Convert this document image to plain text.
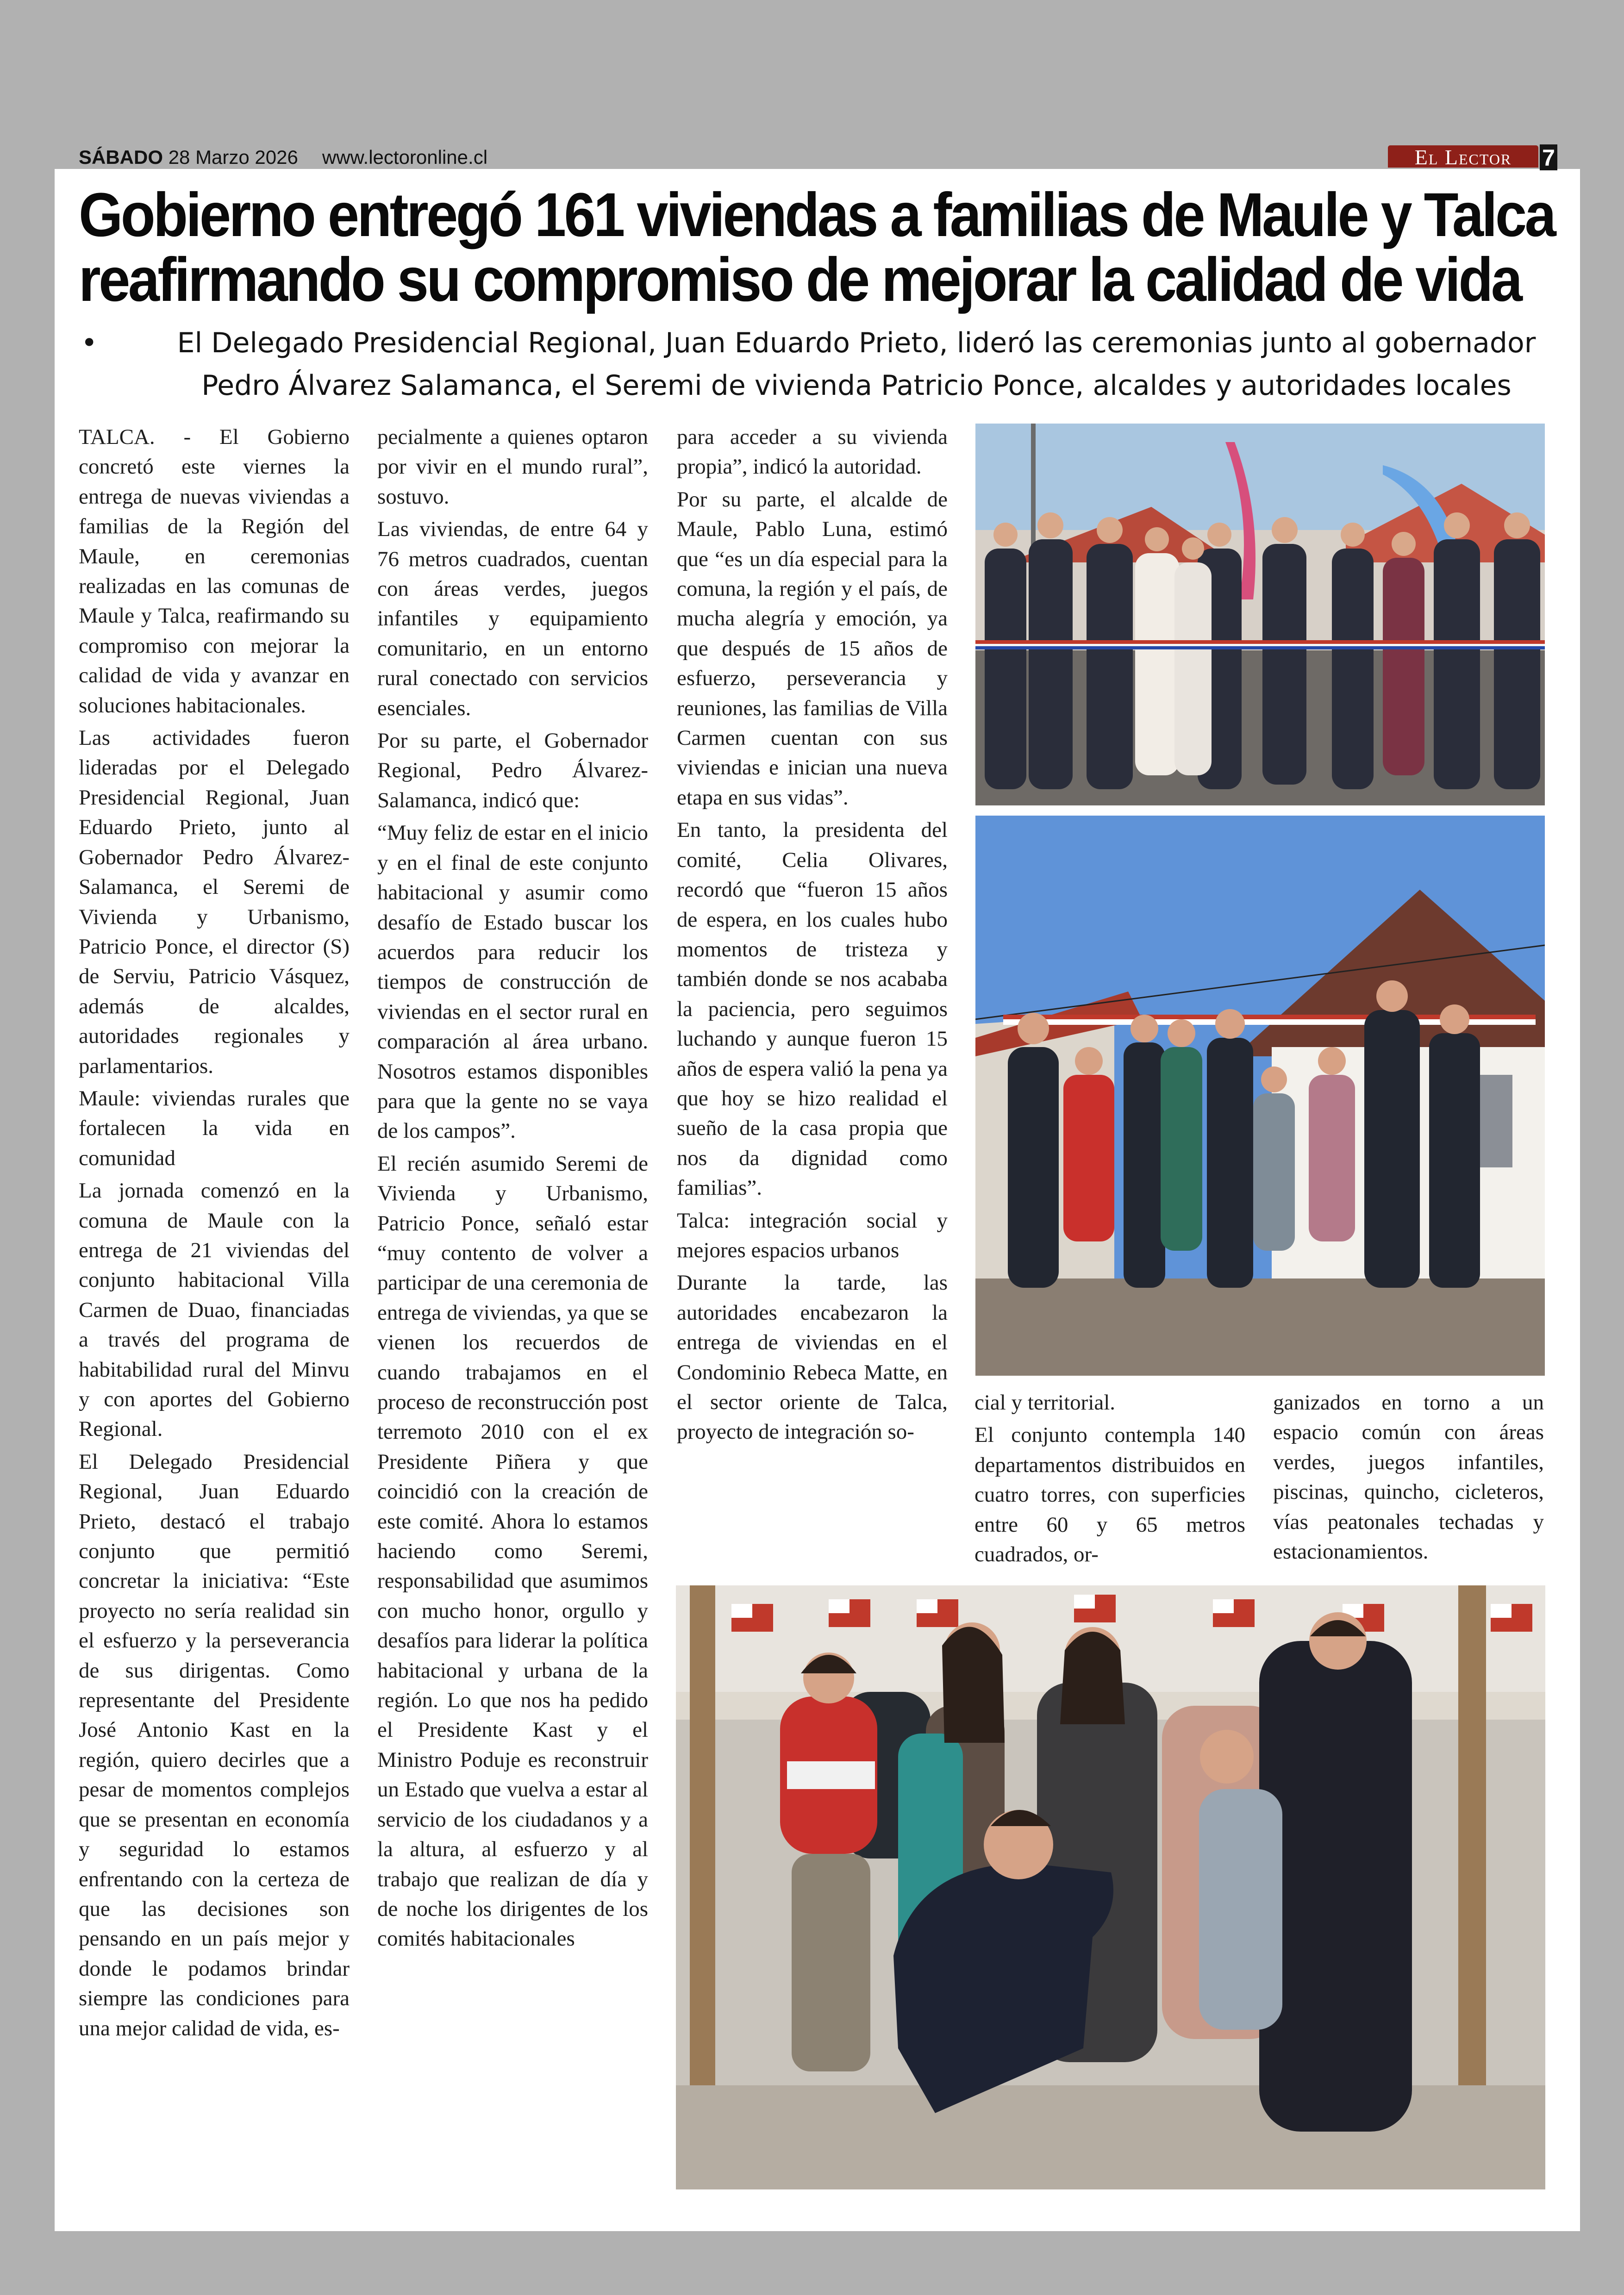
SÁBADO 28 Marzo 2026 www.lectoronline.cl	El Lector	7
Gobierno entregó 161 viviendas a familias de Maule y Talca
reafirmando su compromiso de mejorar la calidad de vida
•	El Delegado Presidencial Regional, Juan Eduardo Prieto, lideró las ceremonias junto al gobernador Pedro Álvarez Salamanca, el Seremi de vivienda Patricio Ponce, alcaldes y autoridades locales

TALCA. - El Gobierno concretó este viernes la entrega de nuevas viviendas a familias de la Región del Maule, en ceremonias realizadas en las comunas de Maule y Talca, reafirmando su compromiso con mejorar la calidad de vida y avanzar en soluciones habitacionales.

Las actividades fueron lideradas por el Delegado Presidencial Regional, Juan Eduardo Prieto, junto al Gobernador Pedro Álvarez-Salamanca, el Seremi de Vivienda y Urbanismo, Patricio Ponce, el director (S) de Serviu, Patricio Vásquez, además de alcaldes, autoridades regionales y parlamentarios.

Maule: viviendas rurales que fortalecen la vida en comunidad

La jornada comenzó en la comuna de Maule con la entrega de 21 viviendas del conjunto habitacional Villa Carmen de Duao, financiadas a través del programa de habitabilidad rural del Minvu y con aportes del Gobierno Regional.

El Delegado Presidencial Regional, Juan Eduardo Prieto, destacó el trabajo conjunto que permitió concretar la iniciativa: “Este proyecto no sería realidad sin el esfuerzo y la perseverancia de sus dirigentas. Como representante del Presidente José Antonio Kast en la región, quiero decirles que a pesar de momentos complejos que se presentan en economía y seguridad lo estamos enfrentando con la certeza de que las decisiones son pensando en un país mejor y donde le podamos brindar siempre las condiciones para una mejor calidad de vida, es-

pecialmente a quienes optaron por vivir en el mundo rural”, sostuvo.

Las viviendas, de entre 64 y 76 metros cuadrados, cuentan con áreas verdes, juegos infantiles y equipamiento comunitario, en un entorno rural conectado con servicios esenciales.

Por su parte, el Gobernador Regional, Pedro Álvarez-Salamanca, indicó que:

“Muy feliz de estar en el inicio y en el final de este conjunto habitacional y asumir como desafío de Estado buscar los acuerdos para reducir los tiempos de construcción de viviendas en el sector rural en comparación al área urbano. Nosotros estamos disponibles para que la gente no se vaya de los campos”.

El recién asumido Seremi de Vivienda y Urbanismo, Patricio Ponce, señaló estar “muy contento de volver a participar de una ceremonia de entrega de viviendas, ya que se vienen los recuerdos de cuando trabajamos en el proceso de reconstrucción post terremoto 2010 con el ex Presidente Piñera y que coincidió con la creación de este comité. Ahora lo estamos haciendo como Seremi, responsabilidad que asumimos con mucho honor, orgullo y desafíos para liderar la política habitacional y urbana de la región. Lo que nos ha pedido el Presidente Kast y el Ministro Poduje es reconstruir un Estado que vuelva a estar al servicio de los ciudadanos y a la altura, al esfuerzo y al trabajo que realizan de día y de noche los dirigentes de los comités habitacionales

para acceder a su vivienda propia”, indicó la autoridad.

Por su parte, el alcalde de Maule, Pablo Luna, estimó que “es un día especial para la comuna, la región y el país, de mucha alegría y emoción, ya que después de 15 años de esfuerzo, perseverancia y reuniones, las familias de Villa Carmen cuentan con sus viviendas e inician una nueva etapa en sus vidas”.

En tanto, la presidenta del comité, Celia Olivares, recordó que “fueron 15 años de espera, en los cuales hubo momentos de tristeza y también donde se nos acababa la paciencia, pero seguimos luchando y aunque fueron 15 años de espera valió la pena ya que hoy se hizo realidad el sueño de la casa propia que nos da dignidad como familias”.

Talca: integración social y mejores espacios urbanos

Durante la tarde, las autoridades encabezaron la entrega de viviendas en el Condominio Rebeca Matte, en el sector oriente de Talca, proyecto de integración so-

cial y territorial.

El conjunto contempla 140 departamentos distribuidos en cuatro torres, con superficies entre 60 y 65 metros cuadrados, or-

ganizados en torno a un espacio común con áreas verdes, juegos infantiles, piscinas, quincho, cicleteros, vías peatonales techadas y estacionamientos.
